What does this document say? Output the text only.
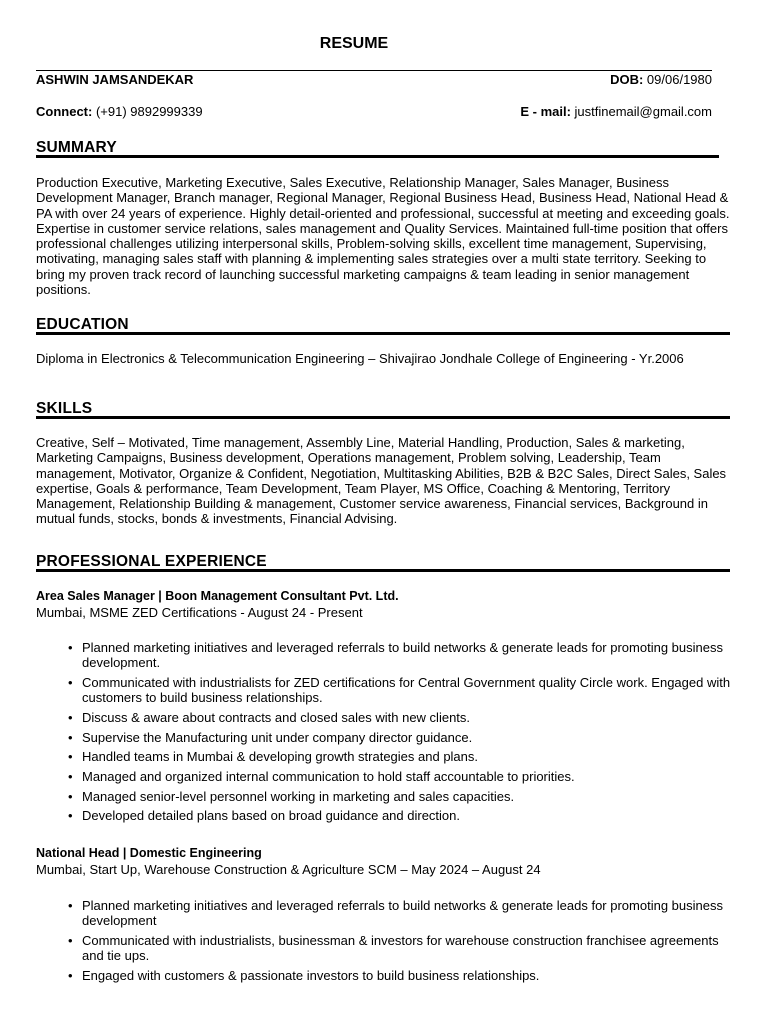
RESUME
ASHWIN JAMSANDEKAR	DOB: 09/06/1980
Connect: (+91) 9892999339	E - mail: justfinemail@gmail.com
SUMMARY
Production Executive, Marketing Executive, Sales Executive, Relationship Manager, Sales Manager, Business Development Manager, Branch manager, Regional Manager, Regional Business Head, Business Head, National Head & PA with over 24 years of experience. Highly detail-oriented and professional, successful at meeting and exceeding goals. Expertise in customer service relations, sales management and Quality Services. Maintained full-time position that offers professional challenges utilizing interpersonal skills, Problem-solving skills, excellent time management, Supervising, motivating, managing sales staff with planning & implementing sales strategies over a multi state territory. Seeking to bring my proven track record of launching successful marketing campaigns & team leading in senior management positions.
EDUCATION
Diploma in Electronics & Telecommunication Engineering – Shivajirao Jondhale College of Engineering - Yr.2006
SKILLS
Creative, Self – Motivated, Time management, Assembly Line, Material Handling, Production, Sales & marketing, Marketing Campaigns, Business development, Operations management, Problem solving, Leadership, Team management, Motivator, Organize & Confident, Negotiation, Multitasking Abilities, B2B & B2C Sales, Direct Sales, Sales expertise, Goals & performance, Team Development, Team Player, MS Office, Coaching & Mentoring, Territory Management, Relationship Building & management, Customer service awareness, Financial services, Background in mutual funds, stocks, bonds & investments, Financial Advising.
PROFESSIONAL EXPERIENCE
Area Sales Manager | Boon Management Consultant Pvt. Ltd.
Mumbai, MSME ZED Certifications - August 24 - Present
• Planned marketing initiatives and leveraged referrals to build networks & generate leads for promoting business development.
• Communicated with industrialists for ZED certifications for Central Government quality Circle work. Engaged with customers to build business relationships.
• Discuss & aware about contracts and closed sales with new clients.
• Supervise the Manufacturing unit under company director guidance.
• Handled teams in Mumbai & developing growth strategies and plans.
• Managed and organized internal communication to hold staff accountable to priorities.
• Managed senior-level personnel working in marketing and sales capacities.
• Developed detailed plans based on broad guidance and direction.
National Head | Domestic Engineering
Mumbai, Start Up, Warehouse Construction & Agriculture SCM – May 2024 – August 24
• Planned marketing initiatives and leveraged referrals to build networks & generate leads for promoting business development
• Communicated with industrialists, businessman & investors for warehouse construction franchisee agreements and tie ups.
• Engaged with customers & passionate investors to build business relationships.
